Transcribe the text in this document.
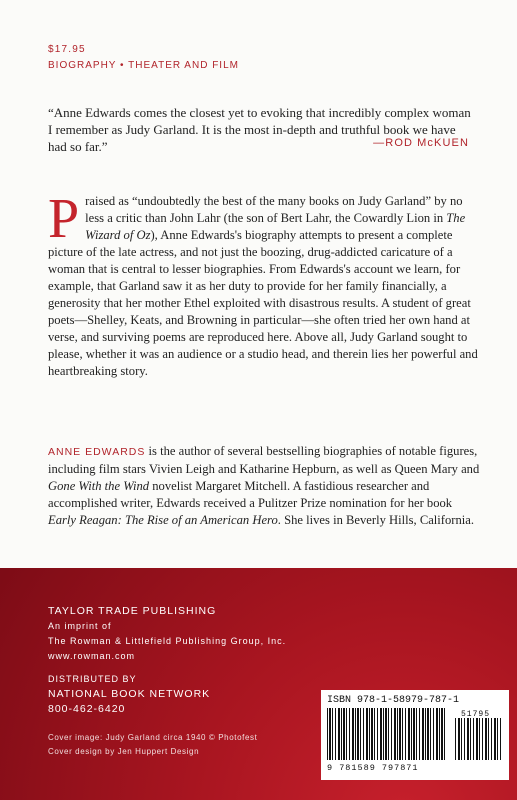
$17.95
BIOGRAPHY • THEATER AND FILM
“Anne Edwards comes the closest yet to evoking that incredibly complex woman I remember as Judy Garland. It is the most in-depth and truthful book we have had so far.”	—ROD McKUEN
Praised as “undoubtedly the best of the many books on Judy Garland” by no less a critic than John Lahr (the son of Bert Lahr, the Cowardly Lion in The Wizard of Oz), Anne Edwards's biography attempts to present a complete picture of the late actress, and not just the boozing, drug-addicted caricature of a woman that is central to lesser biographies. From Edwards's account we learn, for example, that Garland saw it as her duty to provide for her family financially, a generosity that her mother Ethel exploited with disastrous results. A student of great poets—Shelley, Keats, and Browning in particular—she often tried her own hand at verse, and surviving poems are reproduced here. Above all, Judy Garland sought to please, whether it was an audience or a studio head, and therein lies her powerful and heartbreaking story.
ANNE EDWARDS is the author of several bestselling biographies of notable figures, including film stars Vivien Leigh and Katharine Hepburn, as well as Queen Mary and Gone With the Wind novelist Margaret Mitchell. A fastidious researcher and accomplished writer, Edwards received a Pulitzer Prize nomination for her book Early Reagan: The Rise of an American Hero. She lives in Beverly Hills, California.
TAYLOR TRADE PUBLISHING
An imprint of
The Rowman & Littlefield Publishing Group, Inc.
www.rowman.com
DISTRIBUTED BY
NATIONAL BOOK NETWORK
800-462-6420
Cover image: Judy Garland circa 1940 © Photofest
Cover design by Jen Huppert Design
ISBN 978-1-58979-787-1
51795
9 781589 797871
